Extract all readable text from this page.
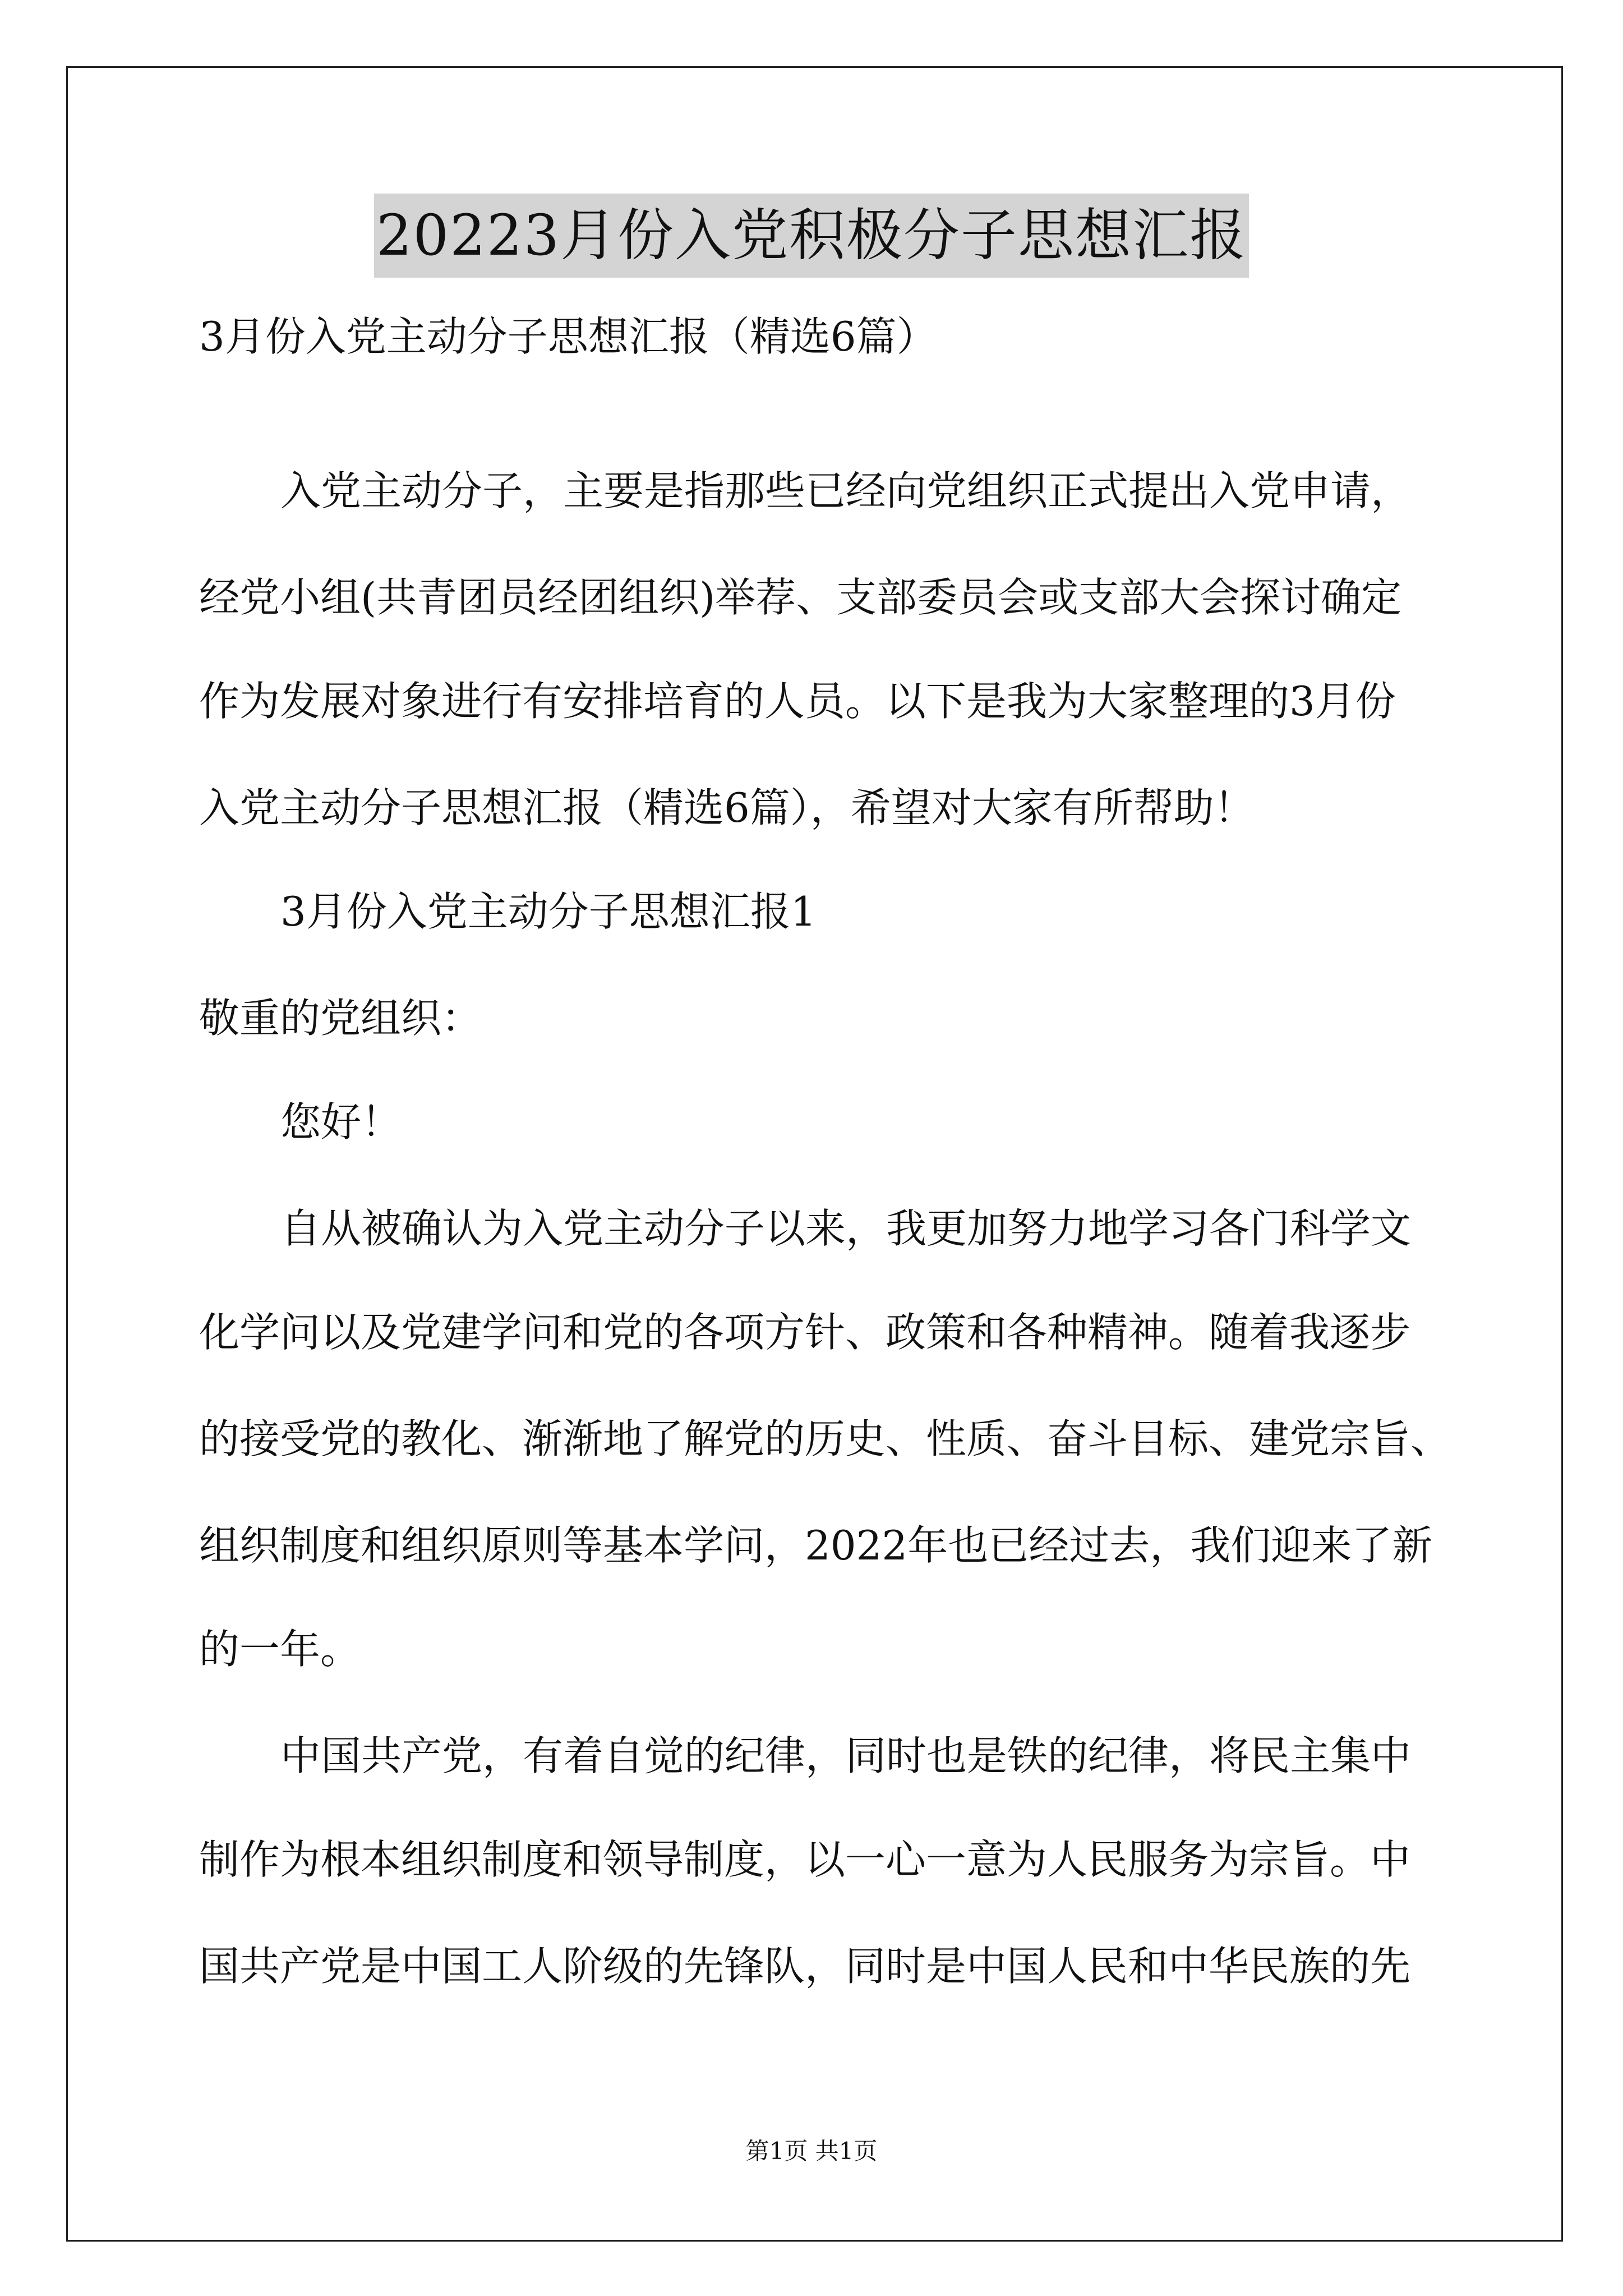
20223月份入党积极分子思想汇报
3月份入党主动分子思想汇报（精选6篇）
入党主动分子，主要是指那些已经向党组织正式提出入党申请，
经党小组(共青团员经团组织)举荐、支部委员会或支部大会探讨确定
作为发展对象进行有安排培育的人员。以下是我为大家整理的3月份
入党主动分子思想汇报（精选6篇），希望对大家有所帮助！
3月份入党主动分子思想汇报1
敬重的党组织：
您好！
自从被确认为入党主动分子以来，我更加努力地学习各门科学文
化学问以及党建学问和党的各项方针、政策和各种精神。随着我逐步
的接受党的教化、渐渐地了解党的历史、性质、奋斗目标、建党宗旨、
组织制度和组织原则等基本学问，2022年也已经过去，我们迎来了新
的一年。
中国共产党，有着自觉的纪律，同时也是铁的纪律，将民主集中
制作为根本组织制度和领导制度，以一心一意为人民服务为宗旨。中
国共产党是中国工人阶级的先锋队，同时是中国人民和中华民族的先
第1页 共1页
